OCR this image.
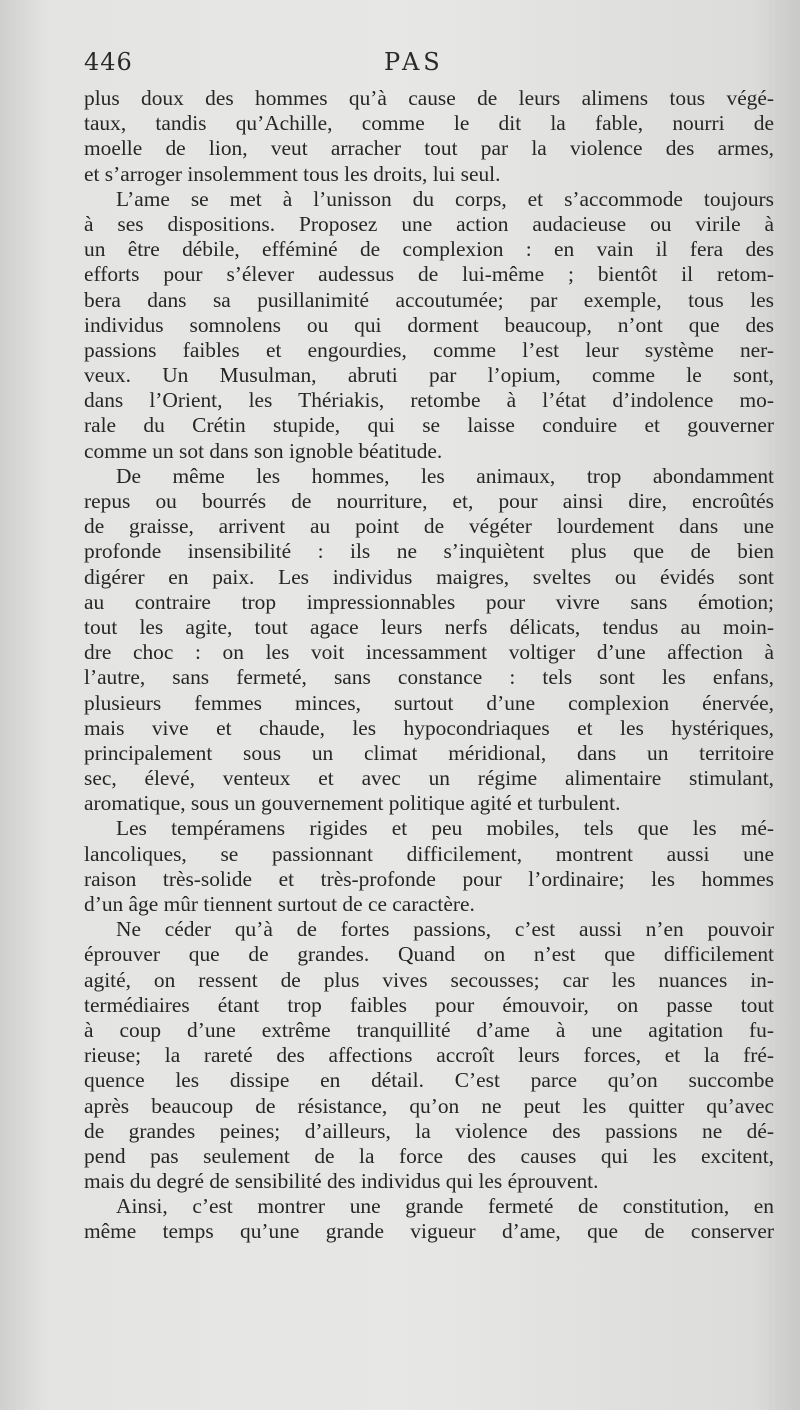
446	PAS
plus doux des hommes qu’à cause de leurs alimens tous végé-
taux, tandis qu’Achille, comme le dit la fable, nourri de
moelle de lion, veut arracher tout par la violence des armes,
et s’arroger insolemment tous les droits, lui seul.
L’ame se met à l’unisson du corps, et s’accommode toujours
à ses dispositions. Proposez une action audacieuse ou virile à
un être débile, efféminé de complexion : en vain il fera des
efforts pour s’élever audessus de lui-même ; bientôt il retom-
bera dans sa pusillanimité accoutumée; par exemple, tous les
individus somnolens ou qui dorment beaucoup, n’ont que des
passions faibles et engourdies, comme l’est leur système ner-
veux. Un Musulman, abruti par l’opium, comme le sont,
dans l’Orient, les Thériakis, retombe à l’état d’indolence mo-
rale du Crétin stupide, qui se laisse conduire et gouverner
comme un sot dans son ignoble béatitude.
De même les hommes, les animaux, trop abondamment
repus ou bourrés de nourriture, et, pour ainsi dire, encroûtés
de graisse, arrivent au point de végéter lourdement dans une
profonde insensibilité : ils ne s’inquiètent plus que de bien
digérer en paix. Les individus maigres, sveltes ou évidés sont
au contraire trop impressionnables pour vivre sans émotion;
tout les agite, tout agace leurs nerfs délicats, tendus au moin-
dre choc : on les voit incessamment voltiger d’une affection à
l’autre, sans fermeté, sans constance : tels sont les enfans,
plusieurs femmes minces, surtout d’une complexion énervée,
mais vive et chaude, les hypocondriaques et les hystériques,
principalement sous un climat méridional, dans un territoire
sec, élevé, venteux et avec un régime alimentaire stimulant,
aromatique, sous un gouvernement politique agité et turbulent.
Les tempéramens rigides et peu mobiles, tels que les mé-
lancoliques, se passionnant difficilement, montrent aussi une
raison très-solide et très-profonde pour l’ordinaire; les hommes
d’un âge mûr tiennent surtout de ce caractère.
Ne céder qu’à de fortes passions, c’est aussi n’en pouvoir
éprouver que de grandes. Quand on n’est que difficilement
agité, on ressent de plus vives secousses; car les nuances in-
termédiaires étant trop faibles pour émouvoir, on passe tout
à coup d’une extrême tranquillité d’ame à une agitation fu-
rieuse; la rareté des affections accroît leurs forces, et la fré-
quence les dissipe en détail. C’est parce qu’on succombe
après beaucoup de résistance, qu’on ne peut les quitter qu’avec
de grandes peines; d’ailleurs, la violence des passions ne dé-
pend pas seulement de la force des causes qui les excitent,
mais du degré de sensibilité des individus qui les éprouvent.
Ainsi, c’est montrer une grande fermeté de constitution, en
même temps qu’une grande vigueur d’ame, que de conserver
